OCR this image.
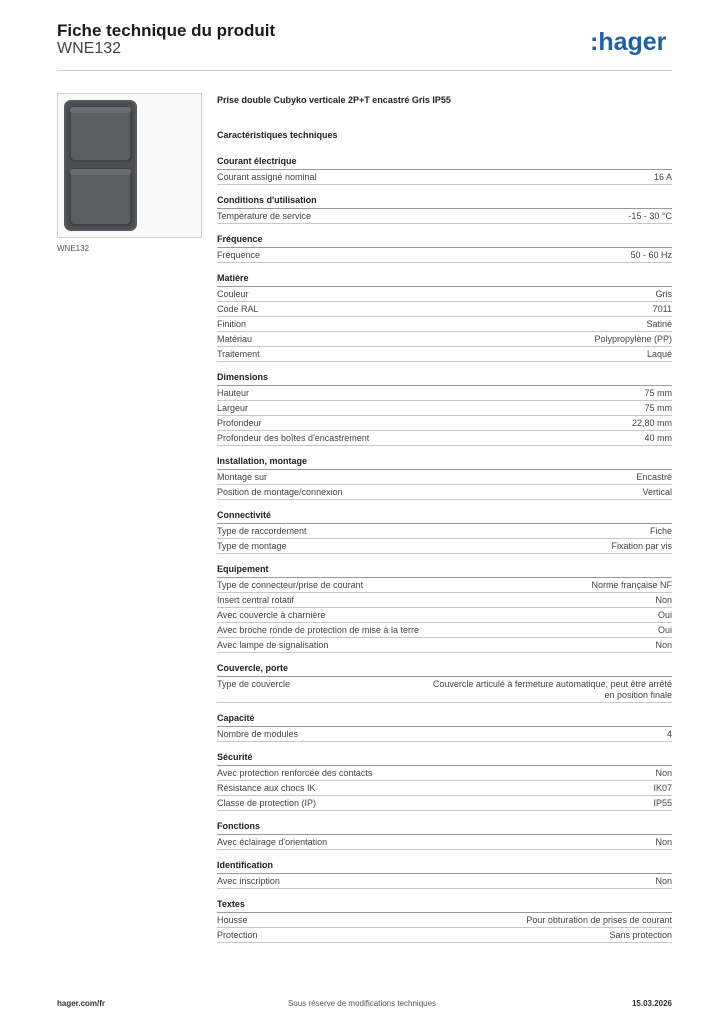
Fiche technique du produit
WNE132	:hager
WNE132
Prise double Cubyko verticale 2P+T encastré Gris IP55
Caractéristiques techniques
Courant électrique
Courant assigné nominal	16 A
Conditions d'utilisation
Température de service	-15 - 30 °C
Fréquence
Fréquence	50 - 60 Hz
Matière
Couleur	Gris
Code RAL	7011
Finition	Satiné
Matériau	Polypropylène (PP)
Traitement	Laqué
Dimensions
Hauteur	75 mm
Largeur	75 mm
Profondeur	22,80 mm
Profondeur des boîtes d'encastrement	40 mm
Installation, montage
Montage sur	Encastré
Position de montage/connexion	Vertical
Connectivité
Type de raccordement	Fiche
Type de montage	Fixation par vis
Equipement
Type de connecteur/prise de courant	Norme française NF
Insert central rotatif	Non
Avec couvercle à charnière	Oui
Avec broche ronde de protection de mise à la terre	Oui
Avec lampe de signalisation	Non
Couvercle, porte
Type de couvercle	Couvercle articulé à fermeture automatique, peut être arrêté en position finale
Capacité
Nombre de modules	4
Sécurité
Avec protection renforcée des contacts	Non
Résistance aux chocs IK	IK07
Classe de protection (IP)	IP55
Fonctions
Avec éclairage d'orientation	Non
Identification
Avec inscription	Non
Textes
Housse	Pour obturation de prises de courant
Protection	Sans protection
hager.com/fr	Sous réserve de modifications techniques	15.03.2026
